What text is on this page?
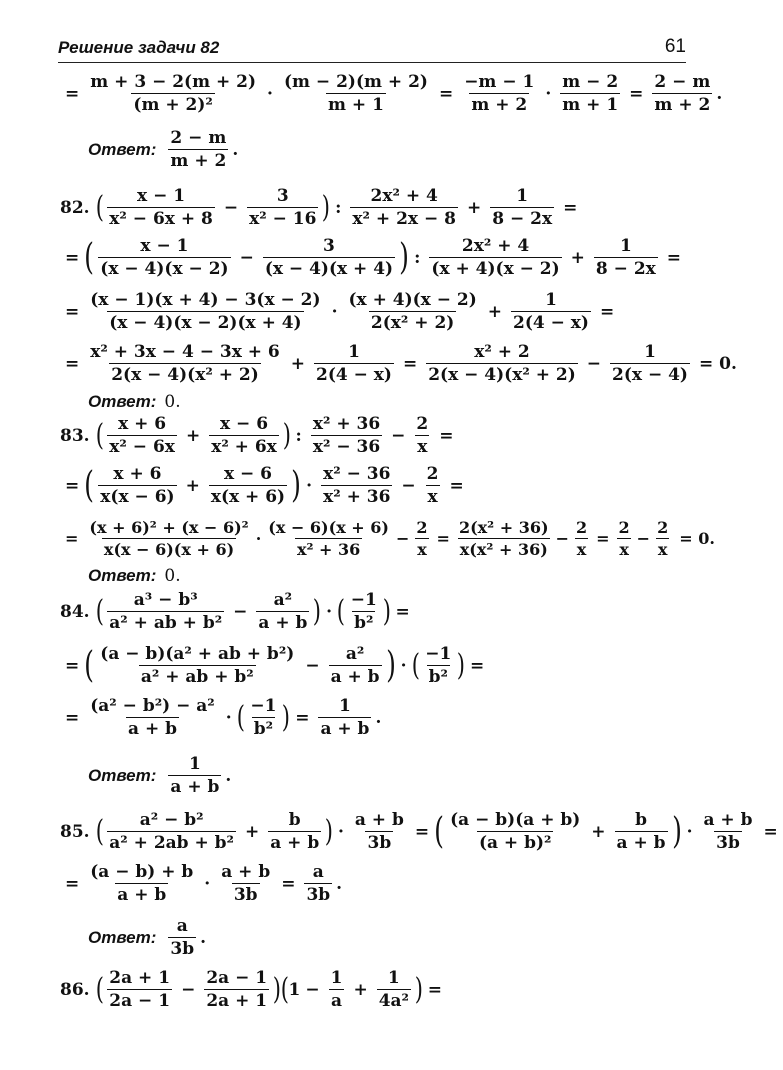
Решение задачи 82	61
= $\frac{m + 3 - 2(m + 2)}{\text{(m + 2)²}} \cdot \frac{(m - 2)(m + 2)}{m + 1} = \frac{-m - 1}{m + 2} \cdot \frac{m - 2}{m + 1} = \frac{2 - m}{m + 2}$ .
Ответ: $\frac{2 - m}{m + 2}$ .
82. ( $\frac{x - 1}{\text{x² − 6x + 8}} - \frac{3}{\text{x² − 16}}$ ) : $\frac{\text{2x² + 4}}{\text{x² + 2x − 8}} + \frac{1}{8 - 2x}$ =
= ( $\frac{x - 1}{(x - 4)(x - 2)} - \frac{3}{(x - 4)(x + 4)}$ ) : $\frac{\text{2x² + 4}}{(x + 4)(x - 2)} + \frac{1}{8 - 2x}$ =
= $\frac{(x - 1)(x + 4) - 3(x - 2)}{(x - 4)(x - 2)(x + 4)} \cdot \frac{(x + 4)(x - 2)}{\text{2(x² + 2)}} + \frac{1}{2(4 - x)}$ =
= $\frac{\text{x² + 3x − 4 − 3x + 6}}{\text{2(x − 4)(x² + 2)}} + \frac{1}{2(4 - x)} = \frac{\text{x² + 2}}{\text{2(x − 4)(x² + 2)}} - \frac{1}{2(x - 4)} = 0$.
Ответ: 0.
83. ( $\frac{x + 6}{\text{x² − 6x}} + \frac{x - 6}{\text{x² + 6x}}$ ) : $\frac{\text{x² + 36}}{\text{x² − 36}} - \frac{2}{x}$ =
= ( $\frac{x + 6}{x(x - 6)} + \frac{x - 6}{x(x + 6)}$ ) · $\frac{\text{x² − 36}}{\text{x² + 36}} - \frac{2}{x}$ =
= $\frac{\text{(x + 6)² + (x − 6)²}}{x(x - 6)(x + 6)} \cdot \frac{(x - 6)(x + 6)}{\text{x² + 36}} - \frac{2}{x} = \frac{\text{2(x² + 36)}}{\text{x(x² + 36)}} - \frac{2}{x} = \frac{2}{x} - \frac{2}{x} = 0$.
Ответ: 0.
84. ( $\frac{\text{a³ − b³}}{\text{a² + ab + b²}} - \frac{\text{a²}}{a + b}$ ) · ( $\frac{-1}{\text{b²}}$ ) =
= ( $\frac{\text{(a − b)(a² + ab + b²)}}{\text{a² + ab + b²}} - \frac{\text{a²}}{a + b}$ ) · ( $\frac{-1}{\text{b²}}$ ) =
= $\frac{\text{(a² − b²) − a²}}{a + b}$ · ( $\frac{-1}{\text{b²}}$ ) = $\frac{1}{a + b}$ .
Ответ: $\frac{1}{a + b}$ .
85. ( $\frac{\text{a² − b²}}{\text{a² + 2ab + b²}} + \frac{b}{a + b}$ ) · $\frac{a + b}{3b}$ = ( $\frac{(a - b)(a + b)}{\text{(a + b)²}} + \frac{b}{a + b}$ ) · $\frac{a + b}{3b}$ =
= $\frac{(a - b) + b}{a + b} \cdot \frac{a + b}{3b} = \frac{a}{3b}$ .
Ответ: $\frac{a}{3b}$ .
86. ( $\frac{2a + 1}{2a - 1} - \frac{2a - 1}{2a + 1}$ ) ( $1 - \frac{1}{a} + \frac{1}{\text{4a²}}$ ) =
